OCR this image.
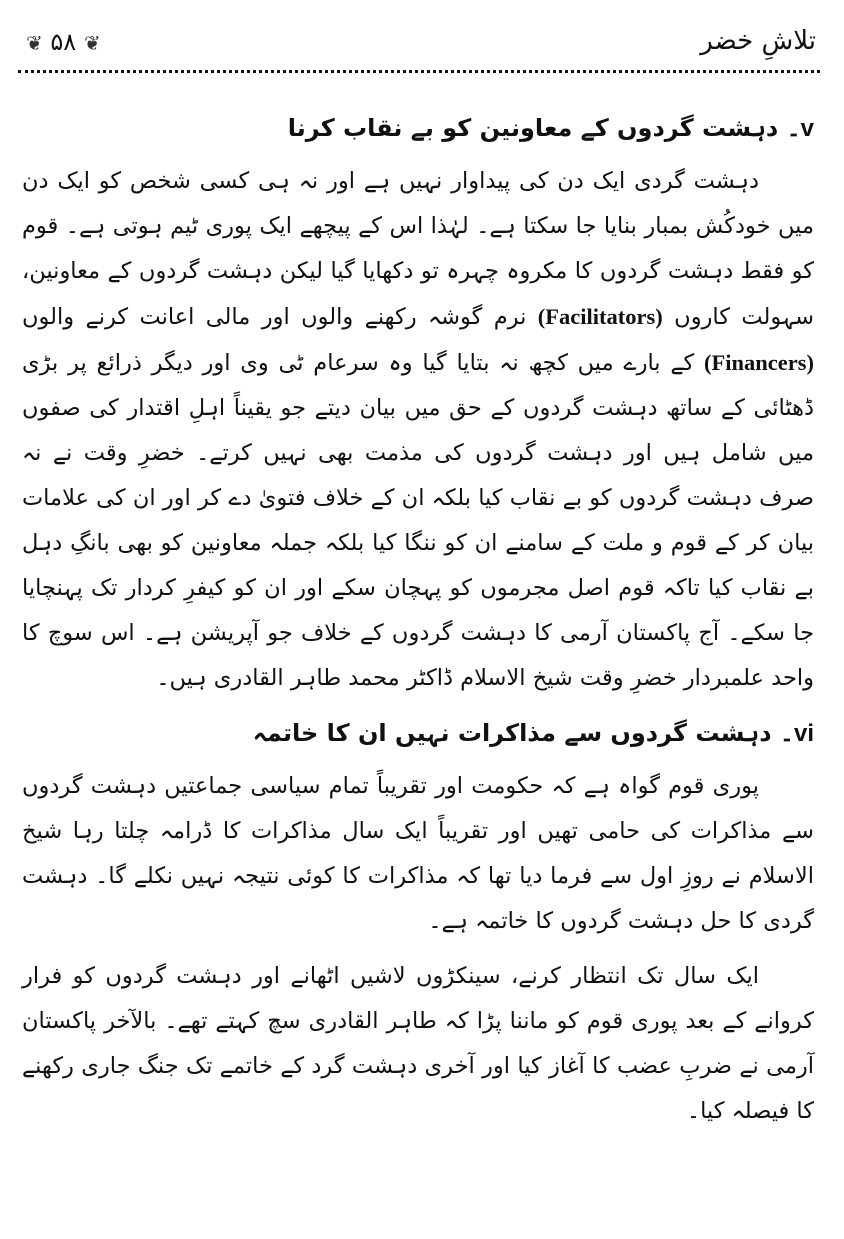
❦ ۵۸ ❦	تلاشِ خضر
v۔ دہشت گردوں کے معاونین کو بے نقاب کرنا

دہشت گردی ایک دن کی پیداوار نہیں ہے اور نہ ہی کسی شخص کو ایک دن میں خودکُش بمبار بنایا جا سکتا ہے۔ لہٰذا اس کے پیچھے ایک پوری ٹیم ہوتی ہے۔ قوم کو فقط دہشت گردوں کا مکروہ چہرہ تو دکھایا گیا لیکن دہشت گردوں کے معاونین، سہولت کاروں (Facilitators) نرم گوشہ رکھنے والوں اور مالی اعانت کرنے والوں (Financers) کے بارے میں کچھ نہ بتایا گیا وہ سرعام ٹی وی اور دیگر ذرائع پر بڑی ڈھٹائی کے ساتھ دہشت گردوں کے حق میں بیان دیتے جو یقیناً اہلِ اقتدار کی صفوں میں شامل ہیں اور دہشت گردوں کی مذمت بھی نہیں کرتے۔ خضرِ وقت نے نہ صرف دہشت گردوں کو بے نقاب کیا بلکہ ان کے خلاف فتویٰ دے کر اور ان کی علامات بیان کر کے قوم و ملت کے سامنے ان کو ننگا کیا بلکہ جملہ معاونین کو بھی بانگِ دہل بے نقاب کیا تاکہ قوم اصل مجرموں کو پہچان سکے اور ان کو کیفرِ کردار تک پہنچایا جا سکے۔ آج پاکستان آرمی کا دہشت گردوں کے خلاف جو آپریشن ہے۔ اس سوچ کا واحد علمبردار خضرِ وقت شیخ الاسلام ڈاکٹر محمد طاہر القادری ہیں۔

vi۔ دہشت گردوں سے مذاکرات نہیں ان کا خاتمہ

پوری قوم گواہ ہے کہ حکومت اور تقریباً تمام سیاسی جماعتیں دہشت گردوں سے مذاکرات کی حامی تھیں اور تقریباً ایک سال مذاکرات کا ڈرامہ چلتا رہا شیخ الاسلام نے روزِ اول سے فرما دیا تھا کہ مذاکرات کا کوئی نتیجہ نہیں نکلے گا۔ دہشت گردی کا حل دہشت گردوں کا خاتمہ ہے۔

ایک سال تک انتظار کرنے، سینکڑوں لاشیں اٹھانے اور دہشت گردوں کو فرار کروانے کے بعد پوری قوم کو ماننا پڑا کہ طاہر القادری سچ کہتے تھے۔ بالآخر پاکستان آرمی نے ضربِ عضب کا آغاز کیا اور آخری دہشت گرد کے خاتمے تک جنگ جاری رکھنے کا فیصلہ کیا۔
